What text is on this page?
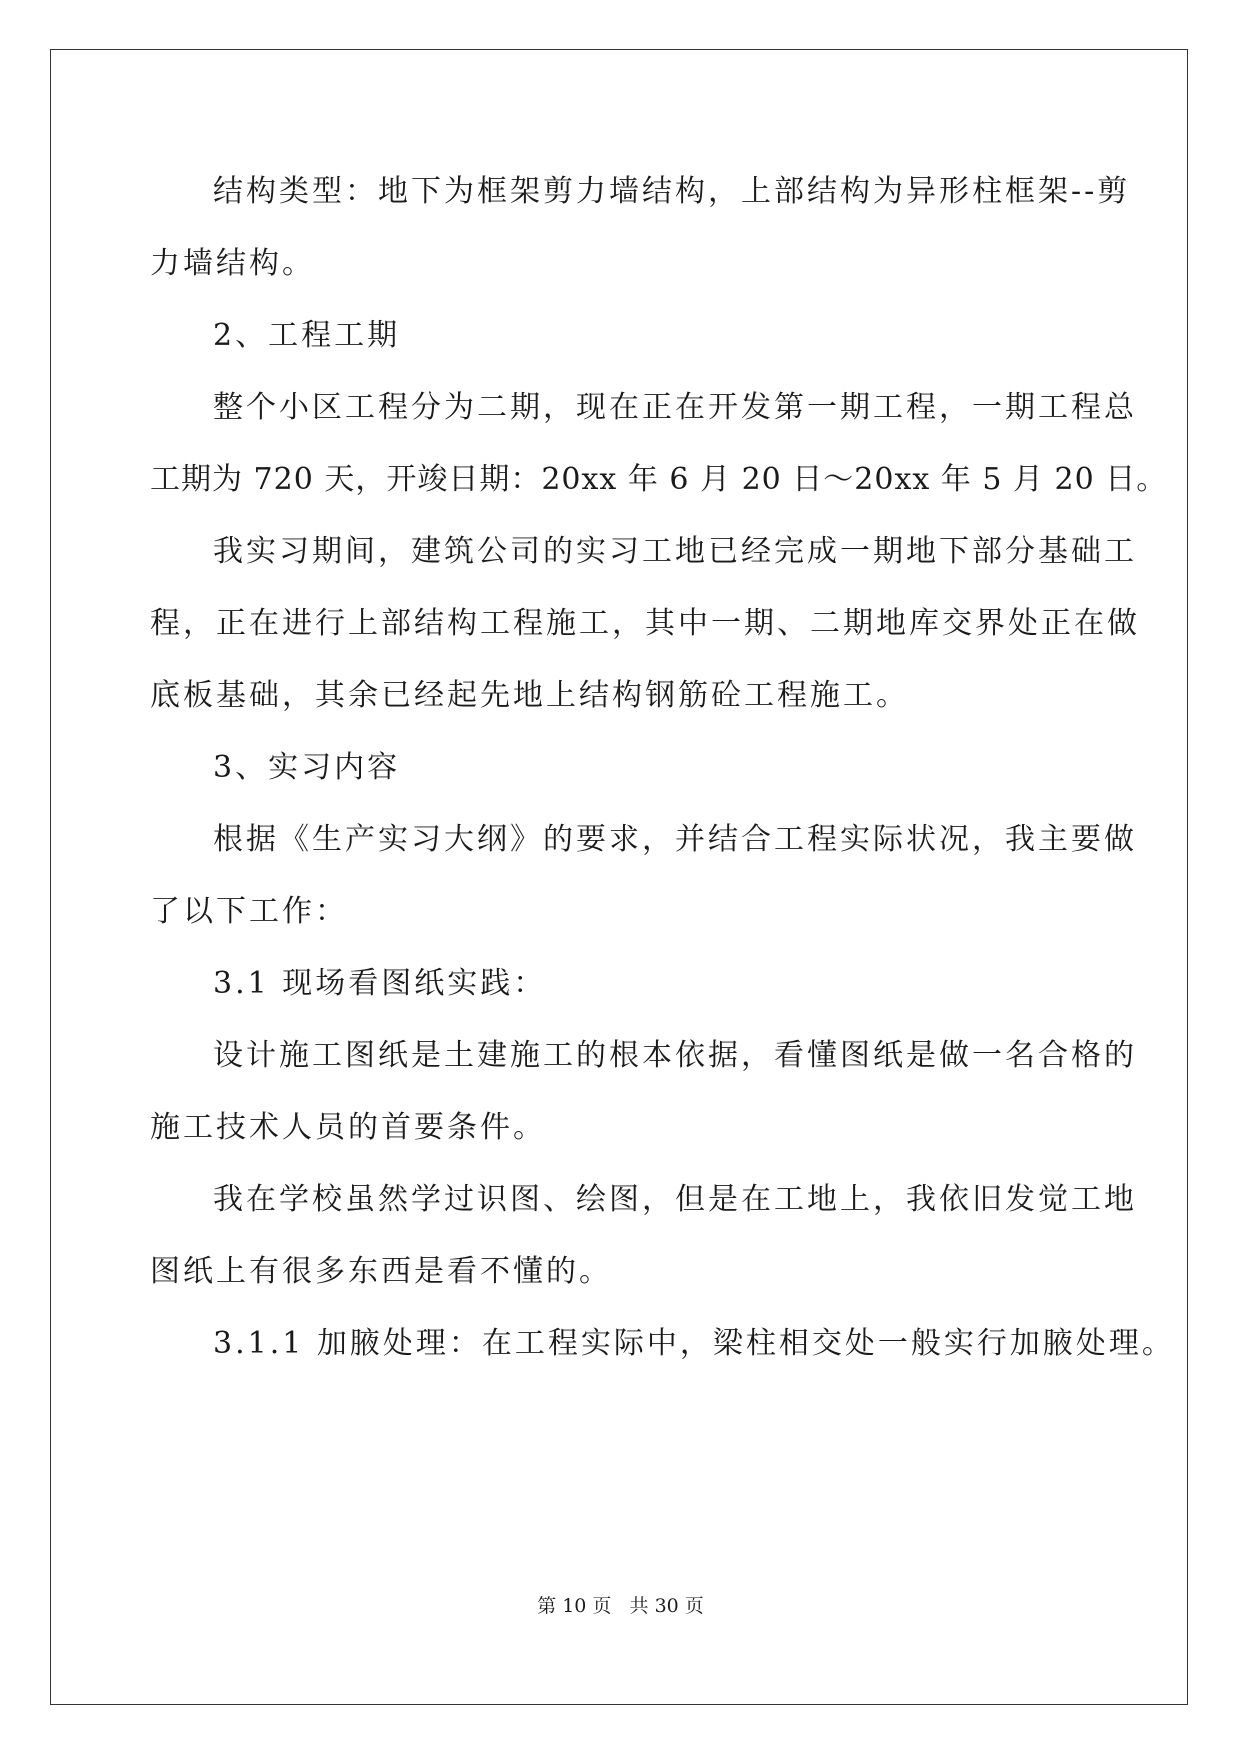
结构类型：地下为框架剪力墙结构，上部结构为异形柱框架--剪
力墙结构。
2、工程工期
整个小区工程分为二期，现在正在开发第一期工程，一期工程总
工期为 720 天，开竣日期：20xx 年 6 月 20 日～20xx 年 5 月 20 日。
我实习期间，建筑公司的实习工地已经完成一期地下部分基础工
程，正在进行上部结构工程施工，其中一期、二期地库交界处正在做
底板基础，其余已经起先地上结构钢筋砼工程施工。
3、实习内容
根据《生产实习大纲》的要求，并结合工程实际状况，我主要做
了以下工作：
3.1 现场看图纸实践：
设计施工图纸是土建施工的根本依据，看懂图纸是做一名合格的
施工技术人员的首要条件。
我在学校虽然学过识图、绘图，但是在工地上，我依旧发觉工地
图纸上有很多东西是看不懂的。
3.1.1 加腋处理：在工程实际中，梁柱相交处一般实行加腋处理。
第 10 页   共 30 页
